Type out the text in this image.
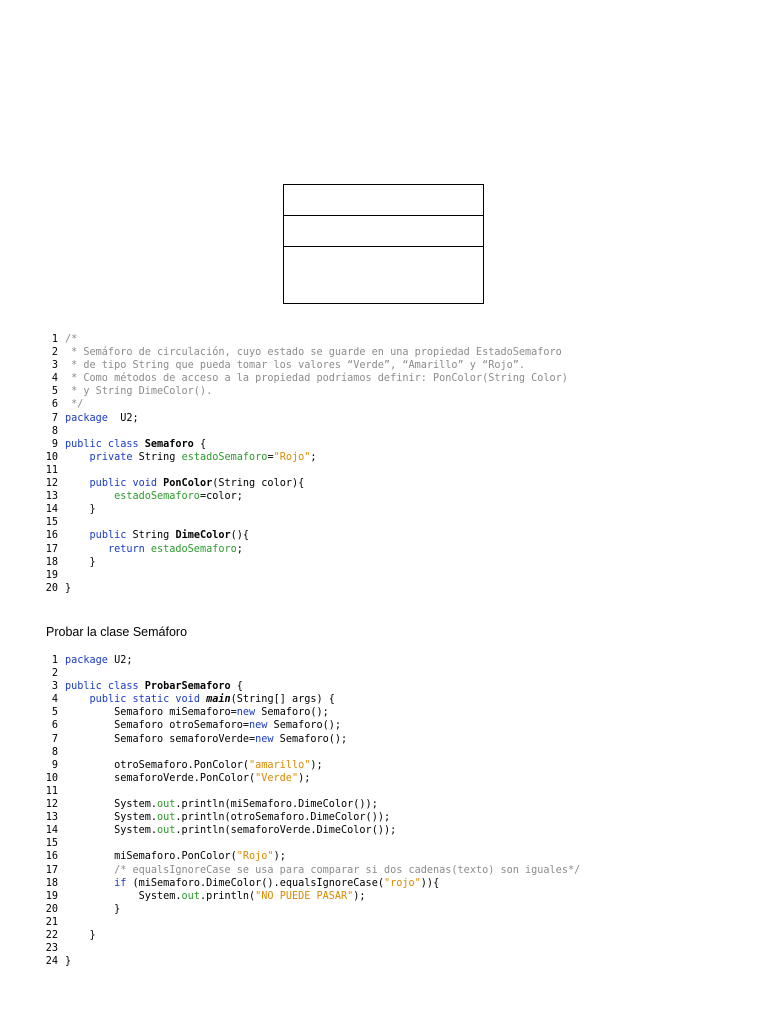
1 /*
2 * Semáforo de circulación, cuyo estado se guarde en una propiedad EstadoSemaforo
3 * de tipo String que pueda tomar los valores “Verde”, “Amarillo” y “Rojo”.
4 * Como métodos de acceso a la propiedad podríamos definir: PonColor(String Color)
5 * y String DimeColor().
6 */
7 package  U2;
8
9 public class Semaforo {
10	private String estadoSemaforo="Rojo";
11
12	public void PonColor(String color){
13	estadoSemaforo=color;
14 }
15
16	public String DimeColor(){
17	return estadoSemaforo;
18 }
19
20 }
Probar la clase Semáforo
1 package U2;
2
3 public class ProbarSemaforo {
4	public static void main(String[] args) {
5 Semaforo miSemaforo=new Semaforo();
6 Semaforo otroSemaforo=new Semaforo();
7 Semaforo semaforoVerde=new Semaforo();
8
9 otroSemaforo.PonColor("amarillo");
10 semaforoVerde.PonColor("Verde");
11
12 System.out.println(miSemaforo.DimeColor());
13 System.out.println(otroSemaforo.DimeColor());
14 System.out.println(semaforoVerde.DimeColor());
15
16 miSemaforo.PonColor("Rojo");
17	/* equalsIgnoreCase se usa para comparar si dos cadenas(texto) son iguales*/
18	if (miSemaforo.DimeColor().equalsIgnoreCase("rojo")){
19 System.out.println("NO PUEDE PASAR");
20 }
21
22 }
23
24 }
